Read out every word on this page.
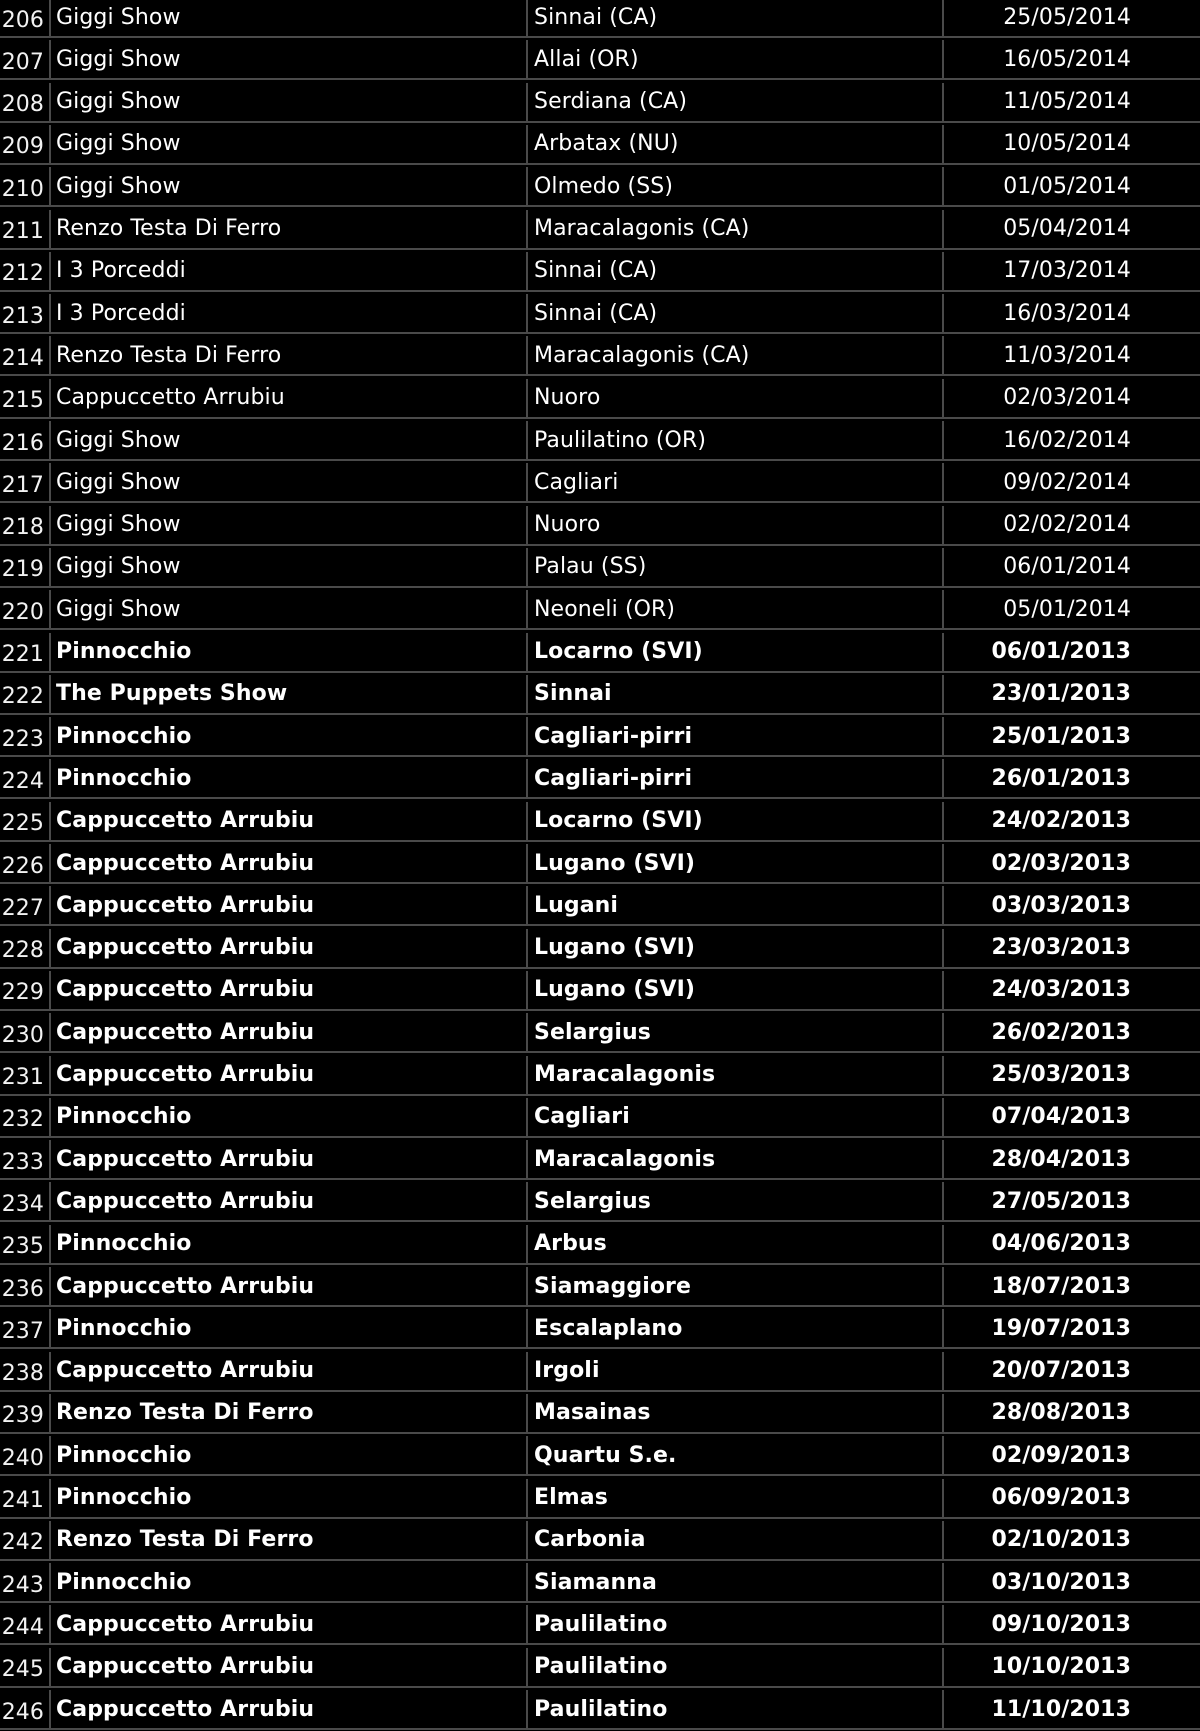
206 Giggi Show	Sinnai (CA)	25/05/2014
207 Giggi Show	Allai (OR)	16/05/2014
208 Giggi Show	Serdiana (CA)	11/05/2014
209 Giggi Show	Arbatax (NU)	10/05/2014
210 Giggi Show	Olmedo (SS)	01/05/2014
211 Renzo Testa Di Ferro	Maracalagonis (CA)	05/04/2014
212 I 3 Porceddi	Sinnai (CA)	17/03/2014
213 I 3 Porceddi	Sinnai (CA)	16/03/2014
214 Renzo Testa Di Ferro	Maracalagonis (CA)	11/03/2014
215 Cappuccetto Arrubiu	Nuoro	02/03/2014
216 Giggi Show	Paulilatino (OR)	16/02/2014
217 Giggi Show	Cagliari	09/02/2014
218 Giggi Show	Nuoro	02/02/2014
219 Giggi Show	Palau (SS)	06/01/2014
220 Giggi Show	Neoneli (OR)	05/01/2014
221 Pinnocchio	Locarno (SVI)	06/01/2013
222 The Puppets Show	Sinnai	23/01/2013
223 Pinnocchio	Cagliari-pirri	25/01/2013
224 Pinnocchio	Cagliari-pirri	26/01/2013
225 Cappuccetto Arrubiu	Locarno (SVI)	24/02/2013
226 Cappuccetto Arrubiu	Lugano (SVI)	02/03/2013
227 Cappuccetto Arrubiu	Lugani	03/03/2013
228 Cappuccetto Arrubiu	Lugano (SVI)	23/03/2013
229 Cappuccetto Arrubiu	Lugano (SVI)	24/03/2013
230 Cappuccetto Arrubiu	Selargius	26/02/2013
231 Cappuccetto Arrubiu	Maracalagonis	25/03/2013
232 Pinnocchio	Cagliari	07/04/2013
233 Cappuccetto Arrubiu	Maracalagonis	28/04/2013
234 Cappuccetto Arrubiu	Selargius	27/05/2013
235 Pinnocchio	Arbus	04/06/2013
236 Cappuccetto Arrubiu	Siamaggiore	18/07/2013
237 Pinnocchio	Escalaplano	19/07/2013
238 Cappuccetto Arrubiu	Irgoli	20/07/2013
239 Renzo Testa Di Ferro	Masainas	28/08/2013
240 Pinnocchio	Quartu S.e.	02/09/2013
241 Pinnocchio	Elmas	06/09/2013
242 Renzo Testa Di Ferro	Carbonia	02/10/2013
243 Pinnocchio	Siamanna	03/10/2013
244 Cappuccetto Arrubiu	Paulilatino	09/10/2013
245 Cappuccetto Arrubiu	Paulilatino	10/10/2013
246 Cappuccetto Arrubiu	Paulilatino	11/10/2013
